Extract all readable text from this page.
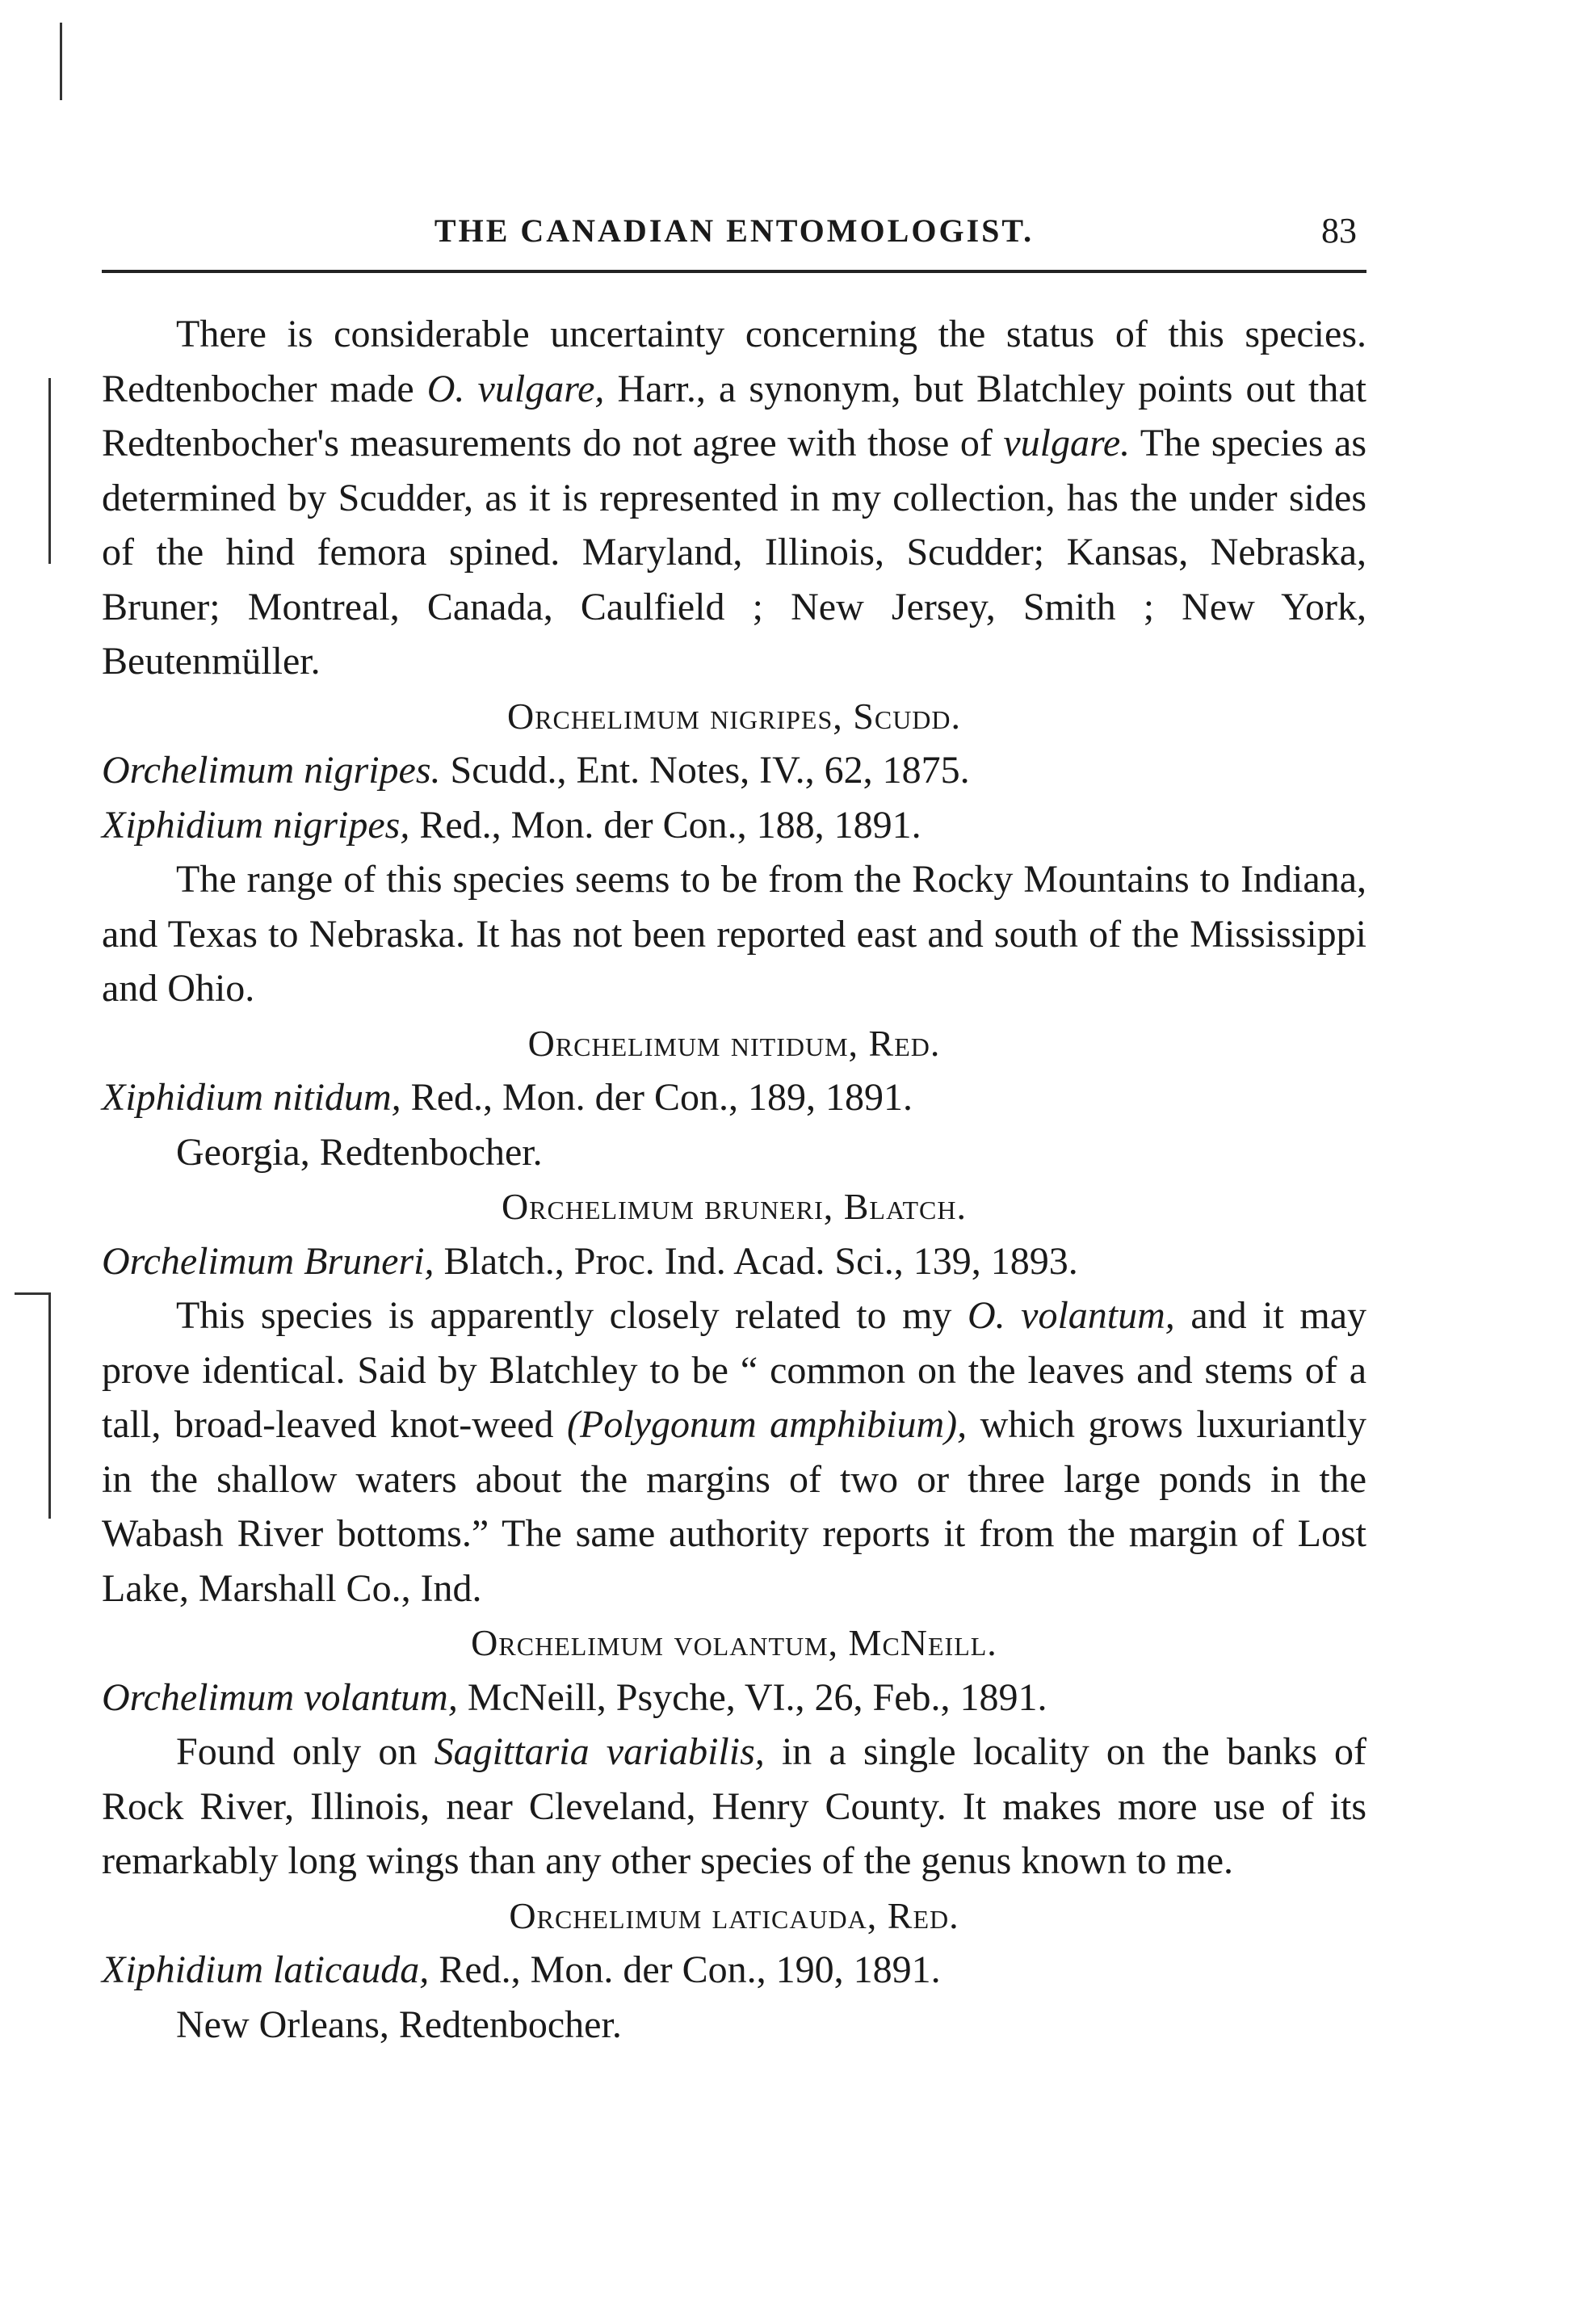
THE CANADIAN ENTOMOLOGIST.	83

There is considerable uncertainty concerning the status of this species. Redtenbocher made O. vulgare, Harr., a synonym, but Blatchley points out that Redtenbocher's measurements do not agree with those of vulgare. The species as determined by Scudder, as it is represented in my collection, has the under sides of the hind femora spined. Maryland, Illinois, Scudder; Kansas, Nebraska, Bruner; Montreal, Canada, Caulfield ; New Jersey, Smith ; New York, Beutenmüller.

Orchelimum nigripes, Scudd.

Orchelimum nigripes. Scudd., Ent. Notes, IV., 62, 1875.

Xiphidium nigripes, Red., Mon. der Con., 188, 1891.

The range of this species seems to be from the Rocky Mountains to Indiana, and Texas to Nebraska. It has not been reported east and south of the Mississippi and Ohio.

Orchelimum nitidum, Red.

Xiphidium nitidum, Red., Mon. der Con., 189, 1891.

Georgia, Redtenbocher.

Orchelimum bruneri, Blatch.

Orchelimum Bruneri, Blatch., Proc. Ind. Acad. Sci., 139, 1893.

This species is apparently closely related to my O. volantum, and it may prove identical. Said by Blatchley to be “ common on the leaves and stems of a tall, broad-leaved knot-weed (Polygonum amphibium), which grows luxuriantly in the shallow waters about the margins of two or three large ponds in the Wabash River bottoms.” The same authority reports it from the margin of Lost Lake, Marshall Co., Ind.

Orchelimum volantum, McNeill.

Orchelimum volantum, McNeill, Psyche, VI., 26, Feb., 1891.

Found only on Sagittaria variabilis, in a single locality on the banks of Rock River, Illinois, near Cleveland, Henry County. It makes more use of its remarkably long wings than any other species of the genus known to me.

Orchelimum laticauda, Red.

Xiphidium laticauda, Red., Mon. der Con., 190, 1891.

New Orleans, Redtenbocher.
